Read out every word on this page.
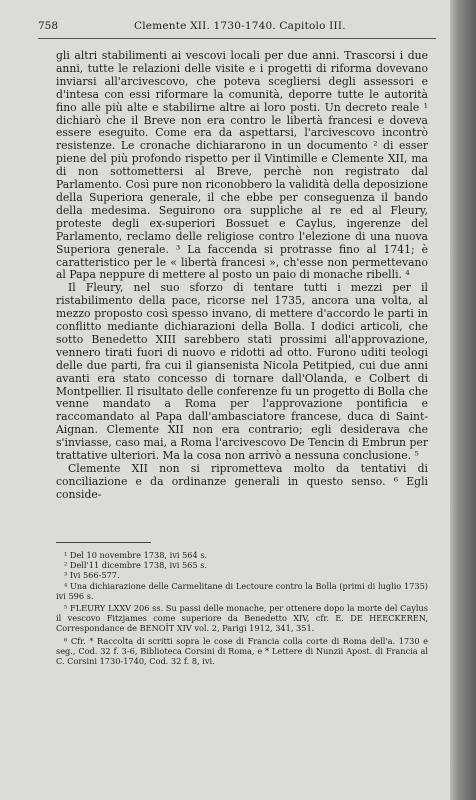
758	Clemente XII. 1730-1740. Capitolo III.

gli altri stabilimenti ai vescovi locali per due anni. Trascorsi i due anni, tutte le relazioni delle visite e i progetti di riforma dovevano inviarsi all'arcivescovo, che poteva scegliersi degli assessori e d'intesa con essi riformare la comunità, deporre tutte le autorità fino alle più alte e stabilirne altre ai loro posti. Un decreto reale ¹ dichiarò che il Breve non era contro le libertà francesi e doveva essere eseguito. Come era da aspettarsi, l'arcivescovo incontrò resistenze. Le cronache dichiararono in un documento ² di esser piene del più profondo rispetto per il Vintimille e Clemente XII, ma di non sottomettersi al Breve, perchè non registrato dal Parlamento. Così pure non riconobbero la validità della deposizione della Superiora generale, il che ebbe per conseguenza il bando della medesima. Seguirono ora suppliche al re ed al Fleury, proteste degli ex-superiori Bossuet e Caylus, ingerenze del Parlamento, reclamo delle religiose contro l'elezione di una nuova Superiora generale. ³ La faccenda si protrasse fino al 1741; è caratteristico per le « libertà francesi », ch'esse non permettevano al Papa neppure di mettere al posto un paio di monache ribelli. ⁴

Il Fleury, nel suo sforzo di tentare tutti i mezzi per il ristabilimento della pace, ricorse nel 1735, ancora una volta, al mezzo proposto così spesso invano, di mettere d'accordo le parti in conflitto mediante dichiarazioni della Bolla. I dodici articoli, che sotto Benedetto XIII sarebbero stati prossimi all'approvazione, vennero tirati fuori di nuovo e ridotti ad otto. Furono uditi teologi delle due parti, fra cui il giansenista Nicola Petitpied, cui due anni avanti era stato concesso di tornare dall'Olanda, e Colbert di Montpellier. Il risultato delle conferenze fu un progetto di Bolla che venne mandato a Roma per l'approvazione pontificia e raccomandato al Papa dall'ambasciatore francese, duca di Saint-Aignan. Clemente XII non era contrario; egli desiderava che s'inviasse, caso mai, a Roma l'arcivescovo De Tencin di Embrun per trattative ulteriori. Ma la cosa non arrivò a nessuna conclusione. ⁵

Clemente XII non si riprometteva molto da tentativi di conciliazione e da ordinanze generali in questo senso. ⁶ Egli conside-

¹ Del 10 novembre 1738, ivi 564 s.

² Dell'11 dicembre 1738, ivi 565 s.

³ Ivi 566-577.

⁴ Una dichiarazione delle Carmelitane di Lectoure contro la Bolla (primi di luglio 1735) ivi 596 s.

⁵ FLEURY LXXV 206 ss. Su passi delle monache, per ottenere dopo la morte del Caylus il vescovo Fitzjames come superiore da Benedetto XIV, cfr. E. DE HEECKEREN, Correspondance de BENOÎT XIV vol. 2, Parigi 1912, 341, 351.

⁶ Cfr. * Raccolta di scritti sopra le cose di Francia colla corte di Roma dell'a. 1730 e seg., Cod. 32 f. 3-6, Biblioteca Corsini di Roma, e * Lettere di Nunzii Apost. di Francia al C. Corsini 1730-1740, Cod. 32 f. 8, ivi.
